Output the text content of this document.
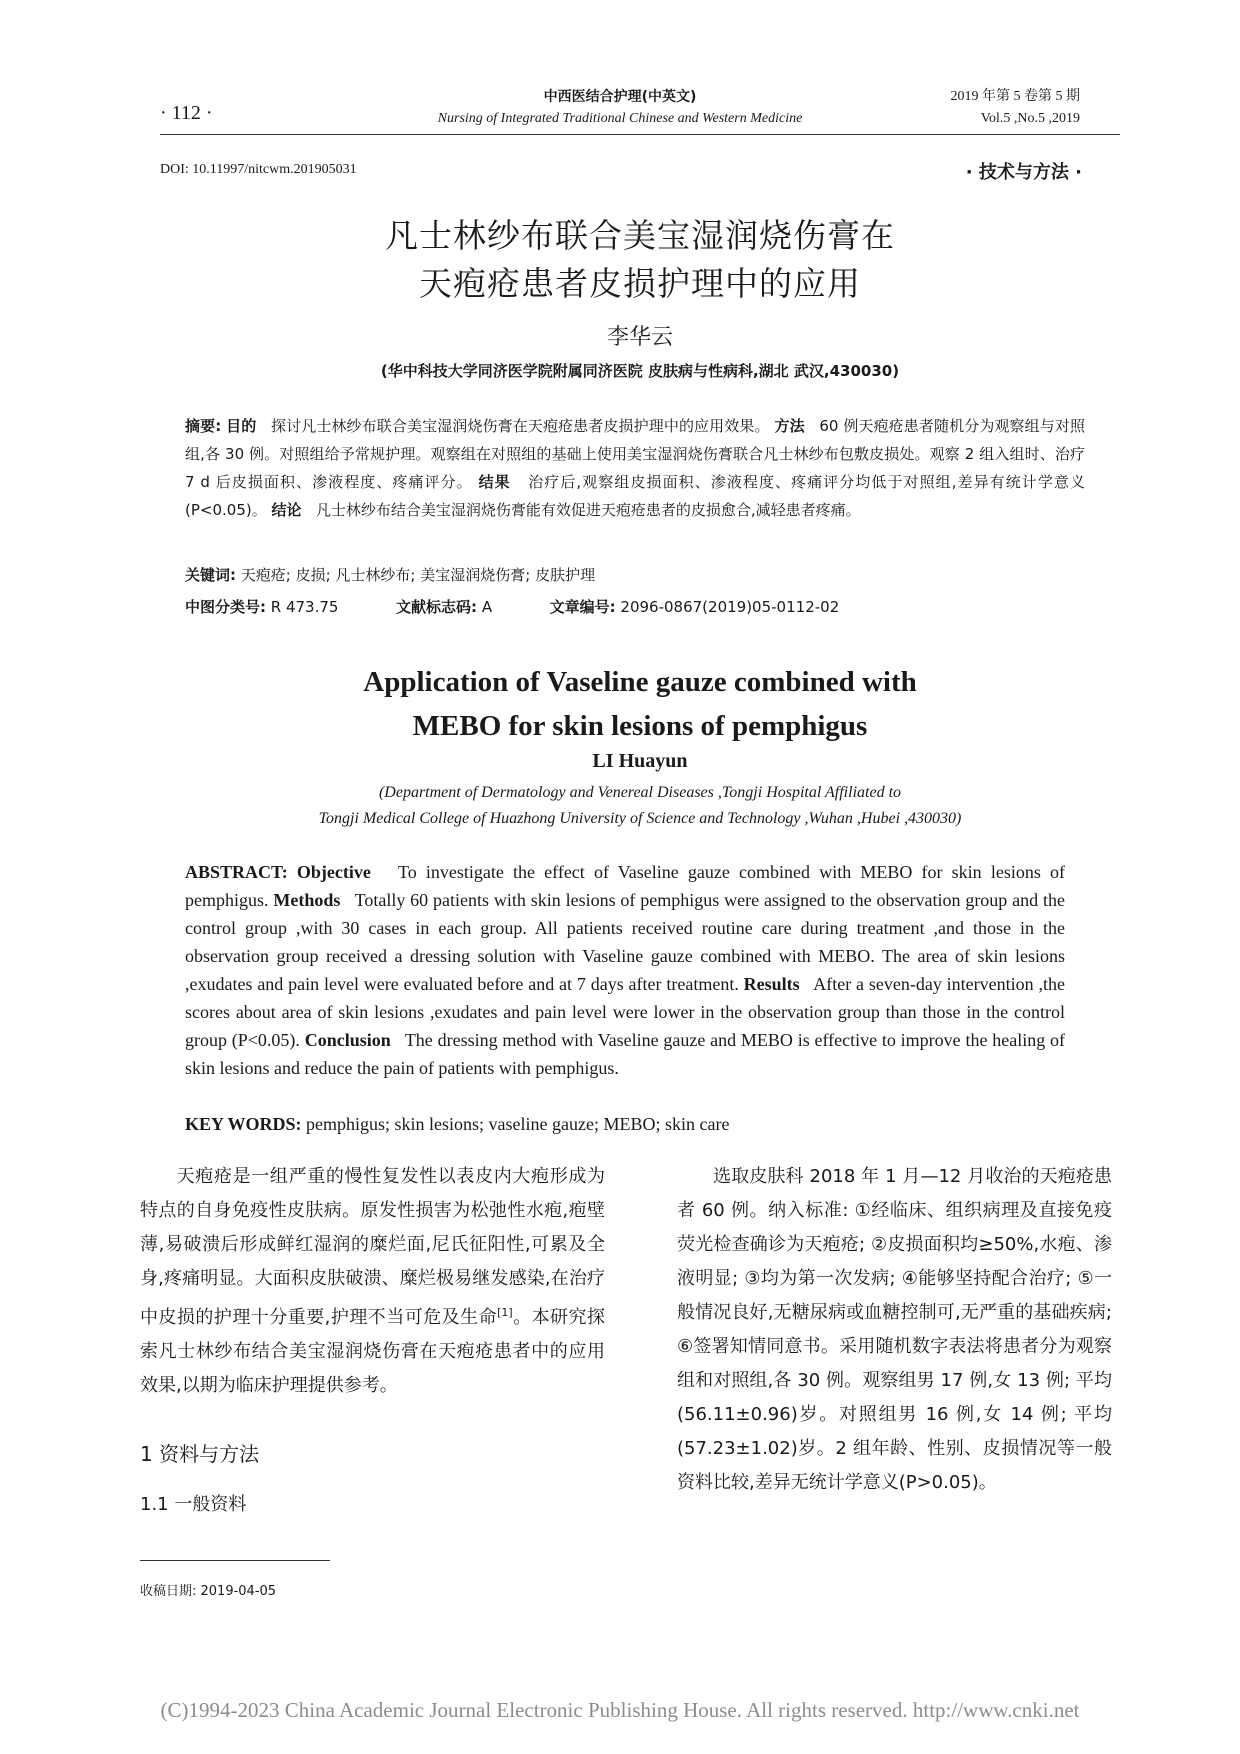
· 112 ·
中西医结合护理(中英文)
Nursing of Integrated Traditional Chinese and Western Medicine
2019 年第 5 卷第 5 期
Vol.5 ,No.5 ,2019
DOI: 10.11997/nitcwm.201905031	· 技术与方法 ·
凡士林纱布联合美宝湿润烧伤膏在
天疱疮患者皮损护理中的应用
李华云
(华中科技大学同济医学院附属同济医院 皮肤病与性病科,湖北 武汉,430030)
摘要: 目的 探讨凡士林纱布联合美宝湿润烧伤膏在天疱疮患者皮损护理中的应用效果。 方法 60 例天疱疮患者随机分为观察组与对照组,各 30 例。对照组给予常规护理。观察组在对照组的基础上使用美宝湿润烧伤膏联合凡士林纱布包敷皮损处。观察 2 组入组时、治疗 7 d 后皮损面积、渗液程度、疼痛评分。 结果 治疗后,观察组皮损面积、渗液程度、疼痛评分均低于对照组,差异有统计学意义(P<0.05)。 结论 凡士林纱布结合美宝湿润烧伤膏能有效促进天疱疮患者的皮损愈合,减轻患者疼痛。
关键词: 天疱疮; 皮损; 凡士林纱布; 美宝湿润烧伤膏; 皮肤护理
中图分类号: R 473.75	文献标志码: A	文章编号: 2096-0867(2019)05-0112-02
Application of Vaseline gauze combined with
MEBO for skin lesions of pemphigus
LI Huayun
(Department of Dermatology and Venereal Diseases ,Tongji Hospital Affiliated to
Tongji Medical College of Huazhong University of Science and Technology ,Wuhan ,Hubei ,430030)
ABSTRACT: Objective To investigate the effect of Vaseline gauze combined with MEBO for skin lesions of pemphigus. Methods Totally 60 patients with skin lesions of pemphigus were assigned to the observation group and the control group ,with 30 cases in each group. All patients received routine care during treatment ,and those in the observation group received a dressing solution with Vaseline gauze combined with MEBO. The area of skin lesions ,exudates and pain level were evaluated before and at 7 days after treatment. Results After a seven-day intervention ,the scores about area of skin lesions ,exudates and pain level were lower in the observation group than those in the control group (P<0.05). Conclusion The dressing method with Vaseline gauze and MEBO is effective to improve the healing of skin lesions and reduce the pain of patients with pemphigus.
KEY WORDS: pemphigus; skin lesions; vaseline gauze; MEBO; skin care
天疱疮是一组严重的慢性复发性以表皮内大疱形成为特点的自身免疫性皮肤病。原发性损害为松弛性水疱,疱壁薄,易破溃后形成鲜红湿润的糜烂面,尼氏征阳性,可累及全身,疼痛明显。大面积皮肤破溃、糜烂极易继发感染,在治疗中皮损的护理十分重要,护理不当可危及生命[1]。本研究探索凡士林纱布结合美宝湿润烧伤膏在天疱疮患者中的应用效果,以期为临床护理提供参考。
1 资料与方法
1.1 一般资料
选取皮肤科 2018 年 1 月—12 月收治的天疱疮患者 60 例。纳入标准: ①经临床、组织病理及直接免疫荧光检查确诊为天疱疮; ②皮损面积均≥50%,水疱、渗液明显; ③均为第一次发病; ④能够坚持配合治疗; ⑤一般情况良好,无糖尿病或血糖控制可,无严重的基础疾病; ⑥签署知情同意书。采用随机数字表法将患者分为观察组和对照组,各 30 例。观察组男 17 例,女 13 例; 平均(56.11±0.96)岁。对照组男 16 例,女 14 例; 平均(57.23±1.02)岁。2 组年龄、性别、皮损情况等一般资料比较,差异无统计学意义(P>0.05)。
收稿日期: 2019-04-05
(C)1994-2023 China Academic Journal Electronic Publishing House. All rights reserved. http://www.cnki.net
